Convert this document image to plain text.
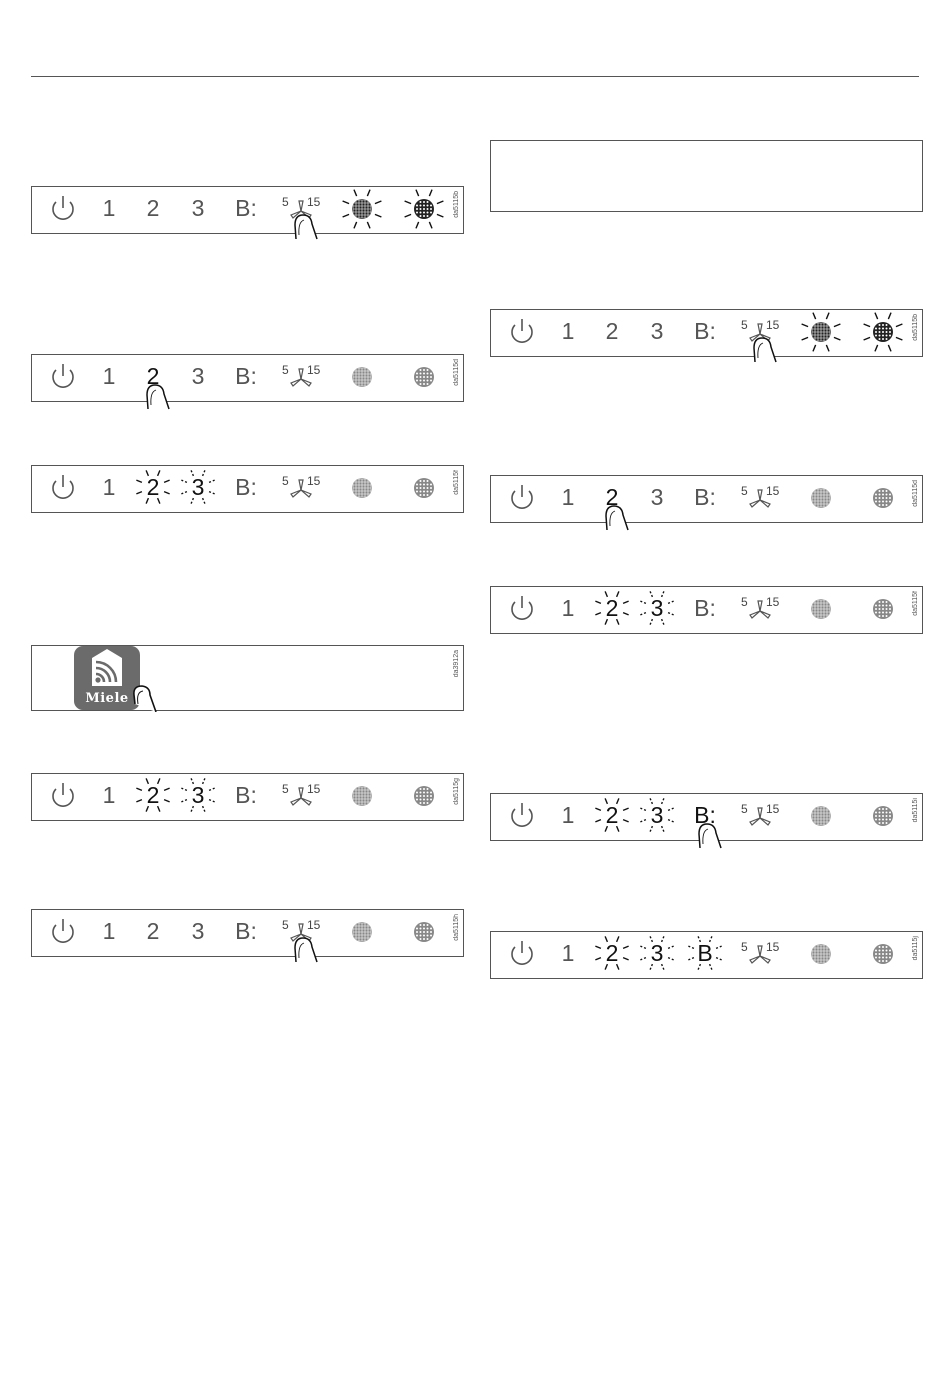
1 2 3 B: 5 15	da5115b
1 2 3 B: 5 15	da5115d
1 2 3 B: 5 15	da5115f
Miele
da3912a
1 2 3 B: 5 15	da5115g
1 2 3 B: 5 15	da5115h
1 2 3 B: 5 15	da5115b
1 2 3 B: 5 15	da5115d
1 2 3 B: 5 15	da5115f
1 2 3 B: 5 15	da5115i
1 2 3 B 5 15	da5115j
